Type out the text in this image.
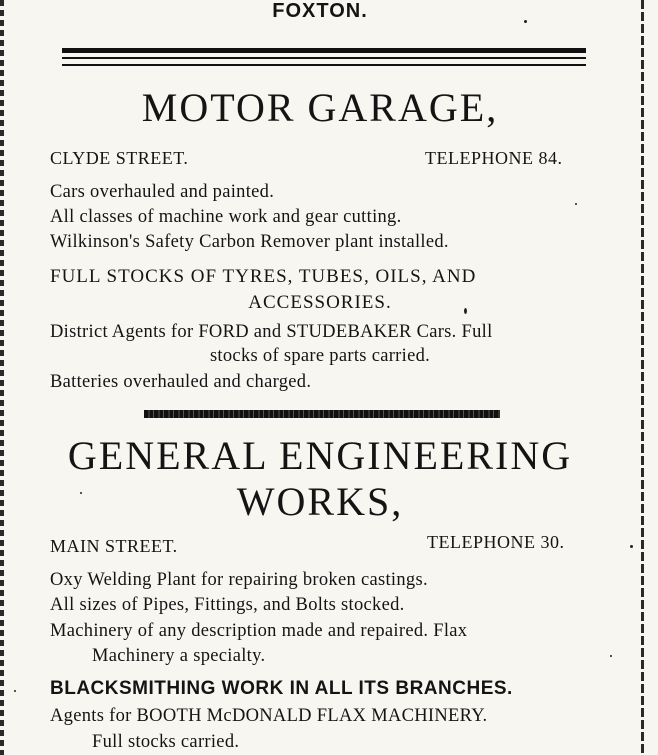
FOXTON.
MOTOR GARAGE,
CLYDE STREET.	TELEPHONE 84.
Cars overhauled and painted.
All classes of machine work and gear cutting.
Wilkinson's Safety Carbon Remover plant installed.
FULL STOCKS OF TYRES, TUBES, OILS, AND
ACCESSORIES.
District Agents for FORD and STUDEBAKER Cars. Full
stocks of spare parts carried.
Batteries overhauled and charged.
GENERAL ENGINEERING
WORKS,
MAIN STREET.	TELEPHONE 30.
Oxy Welding Plant for repairing broken castings.
All sizes of Pipes, Fittings, and Bolts stocked.
Machinery of any description made and repaired. Flax
Machinery a specialty.
BLACKSMITHING WORK IN ALL ITS BRANCHES.
Agents for BOOTH McDONALD FLAX MACHINERY.
Full stocks carried.
